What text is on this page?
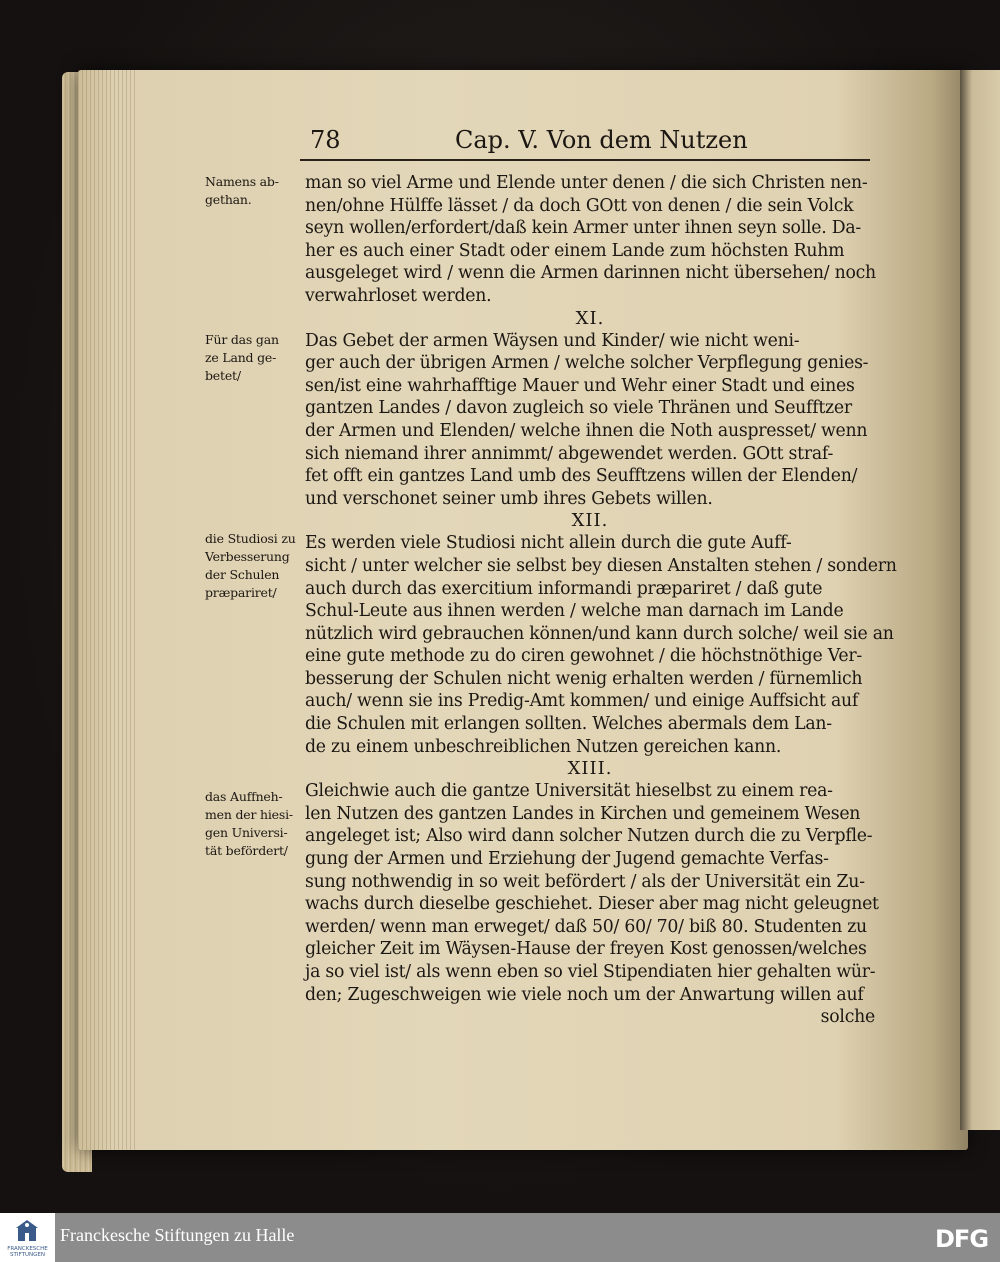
78	Cap. V. Von dem Nutzen
Namens ab-
gethan.
Für das gan
ze Land ge-
betet/
die Studiosi zu
Verbesserung
der Schulen
præpariret/
das Auffneh-
men der hiesi-
gen Universi-
tät befördert/
man so viel Arme und Elende unter denen / die sich Christen nen-
nen/ohne Hülffe lässet / da doch GOtt von denen / die sein Volck
seyn wollen/erfordert/daß kein Armer unter ihnen seyn solle. Da-
her es auch einer Stadt oder einem Lande zum höchsten Ruhm
ausgeleget wird / wenn die Armen darinnen nicht übersehen/ noch
verwahrloset werden.
XI.
Das Gebet der armen Wäysen und Kinder/ wie nicht weni-
ger auch der übrigen Armen / welche solcher Verpflegung genies-
sen/ist eine wahrhafftige Mauer und Wehr einer Stadt und eines
gantzen Landes / davon zugleich so viele Thränen und Seufftzer
der Armen und Elenden/ welche ihnen die Noth auspresset/ wenn
sich niemand ihrer annimmt/ abgewendet werden. GOtt straf-
fet offt ein gantzes Land umb des Seufftzens willen der Elenden/
und verschonet seiner umb ihres Gebets willen.
XII.
Es werden viele Studiosi nicht allein durch die gute Auff-
sicht / unter welcher sie selbst bey diesen Anstalten stehen / sondern
auch durch das exercitium informandi præpariret / daß gute
Schul-Leute aus ihnen werden / welche man darnach im Lande
nützlich wird gebrauchen können/und kann durch solche/ weil sie an
eine gute methode zu do ciren gewohnet / die höchstnöthige Ver-
besserung der Schulen nicht wenig erhalten werden / fürnemlich
auch/ wenn sie ins Predig-Amt kommen/ und einige Auffsicht auf
die Schulen mit erlangen sollten. Welches abermals dem Lan-
de zu einem unbeschreiblichen Nutzen gereichen kann.
XIII.
Gleichwie auch die gantze Universität hieselbst zu einem rea-
len Nutzen des gantzen Landes in Kirchen und gemeinem Wesen
angeleget ist; Also wird dann solcher Nutzen durch die zu Verpfle-
gung der Armen und Erziehung der Jugend gemachte Verfas-
sung nothwendig in so weit befördert / als der Universität ein Zu-
wachs durch dieselbe geschiehet. Dieser aber mag nicht geleugnet
werden/ wenn man erweget/ daß 50/ 60/ 70/ biß 80. Studenten zu
gleicher Zeit im Wäysen-Hause der freyen Kost genossen/welches
ja so viel ist/ als wenn eben so viel Stipendiaten hier gehalten wür-
den; Zugeschweigen wie viele noch um der Anwartung willen auf
solche
FRANCKESCHE
STIFTUNGEN
Franckesche Stiftungen zu Halle	DFG
